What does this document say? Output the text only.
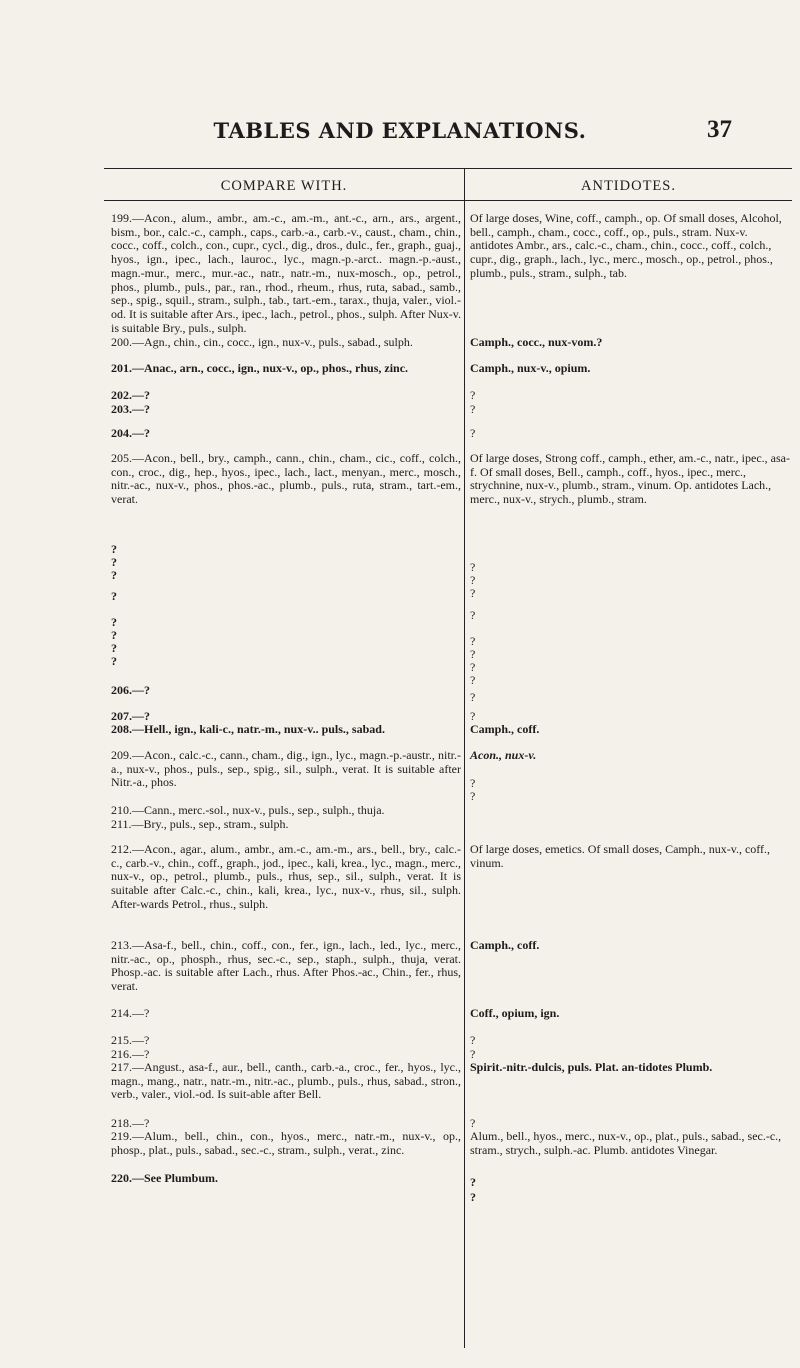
TABLES AND EXPLANATIONS.	37
COMPARE WITH.	ANTIDOTES.
199.—Acon., alum., ambr., am.-c., am.-m., ant.-c., arn., ars., argent., bism., bor., calc.-c., camph., caps., carb.-a., carb.-v., caust., cham., chin., cocc., coff., colch., con., cupr., cycl., dig., dros., dulc., fer., graph., guaj., hyos., ign., ipec., lach., lauroc., lyc., magn.-p.-arct.. magn.-p.-aust., magn.-mur., merc., mur.-ac., natr., natr.-m., nux-mosch., op., petrol., phos., plumb., puls., par., ran., rhod., rheum., rhus, ruta, sabad., samb., sep., spig., squil., stram., sulph., tab., tart.-em., tarax., thuja, valer., viol.-od. It is suitable after Ars., ipec., lach., petrol., phos., sulph. After Nux-v. is suitable Bry., puls., sulph.
200.—Agn., chin., cin., cocc., ign., nux-v., puls., sabad., sulph.
201.—Anac., arn., cocc., ign., nux-v., op., phos., rhus, zinc.
202.—?
203.—?
204.—?
205.—Acon., bell., bry., camph., cann., chin., cham., cic., coff., colch., con., croc., dig., hep., hyos., ipec., lach., lact., menyan., merc., mosch., nitr.-ac., nux-v., phos., phos.-ac., plumb., puls., ruta, stram., tart.-em., verat.
?
?
?
?
?
?
?
?
206.—?
207.—?
208.—Hell., ign., kali-c., natr.-m., nux-v.. puls., sabad.
209.—Acon., calc.-c., cann., cham., dig., ign., lyc., magn.-p.-austr., nitr.-a., nux-v., phos., puls., sep., spig., sil., sulph., verat. It is suitable after Nitr.-a., phos.
210.—Cann., merc.-sol., nux-v., puls., sep., sulph., thuja.
211.—Bry., puls., sep., stram., sulph.
212.—Acon., agar., alum., ambr., am.-c., am.-m., ars., bell., bry., calc.-c., carb.-v., chin., coff., graph., jod., ipec., kali, krea., lyc., magn., merc., nux-v., op., petrol., plumb., puls., rhus, sep., sil., sulph., verat. It is suitable after Calc.-c., chin., kali, krea., lyc., nux-v., rhus, sil., sulph. After-wards Petrol., rhus., sulph.
213.—Asa-f., bell., chin., coff., con., fer., ign., lach., led., lyc., merc., nitr.-ac., op., phosph., rhus, sec.-c., sep., staph., sulph., thuja, verat. Phosp.-ac. is suitable after Lach., rhus. After Phos.-ac., Chin., fer., rhus, verat.
214.—?
215.—?
216.—?
217.—Angust., asa-f., aur., bell., canth., carb.-a., croc., fer., hyos., lyc., magn., mang., natr., natr.-m., nitr.-ac., plumb., puls., rhus, sabad., stron., verb., valer., viol.-od. Is suit-able after Bell.
218.—?
219.—Alum., bell., chin., con., hyos., merc., natr.-m., nux-v., op., phosp., plat., puls., sabad., sec.-c., stram., sulph., verat., zinc.
220.—See Plumbum.
Of large doses, Wine, coff., camph., op. Of small doses, Alcohol, bell., camph., cham., cocc., coff., op., puls., stram. Nux-v. antidotes Ambr., ars., calc.-c., cham., chin., cocc., coff., colch., cupr., dig., graph., lach., lyc., merc., mosch., op., petrol., phos., plumb., puls., stram., sulph., tab.
Camph., cocc., nux-vom.?
Camph., nux-v., opium.
?
?
?
Of large doses, Strong coff., camph., ether, am.-c., natr., ipec., asa-f. Of small doses, Bell., camph., coff., hyos., ipec., merc., strychnine, nux-v., plumb., stram., vinum. Op. antidotes Lach., merc., nux-v., strych., plumb., stram.
?
?
?
?
?
?
?
?
?
?
Camph., coff.
Acon., nux-v.
?
?
Of large doses, emetics. Of small doses, Camph., nux-v., coff., vinum.
Camph., coff.
Coff., opium, ign.
?
?
Spirit.-nitr.-dulcis, puls. Plat. an-tidotes Plumb.
?
Alum., bell., hyos., merc., nux-v., op., plat., puls., sabad., sec.-c., stram., strych., sulph.-ac. Plumb. antidotes Vinegar.
?
?
